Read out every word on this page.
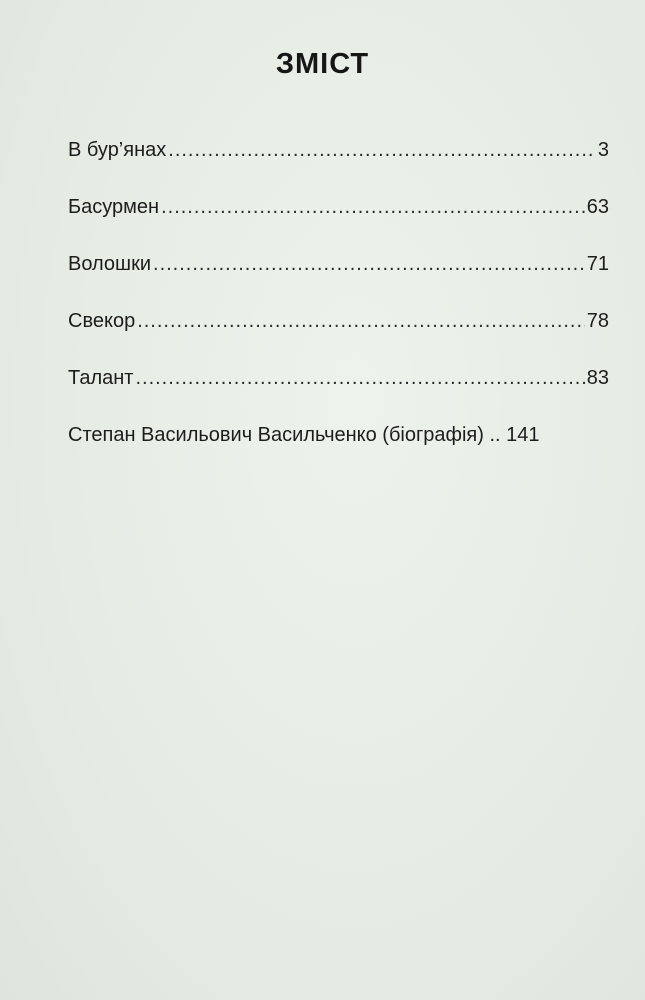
ЗМІСТ
В бур’янах .....	3
Басурмен .....	63
Волошки .....	71
Свекор .....	78
Талант .....	83
Степан Васильович Васильченко (біографія) .. 141
